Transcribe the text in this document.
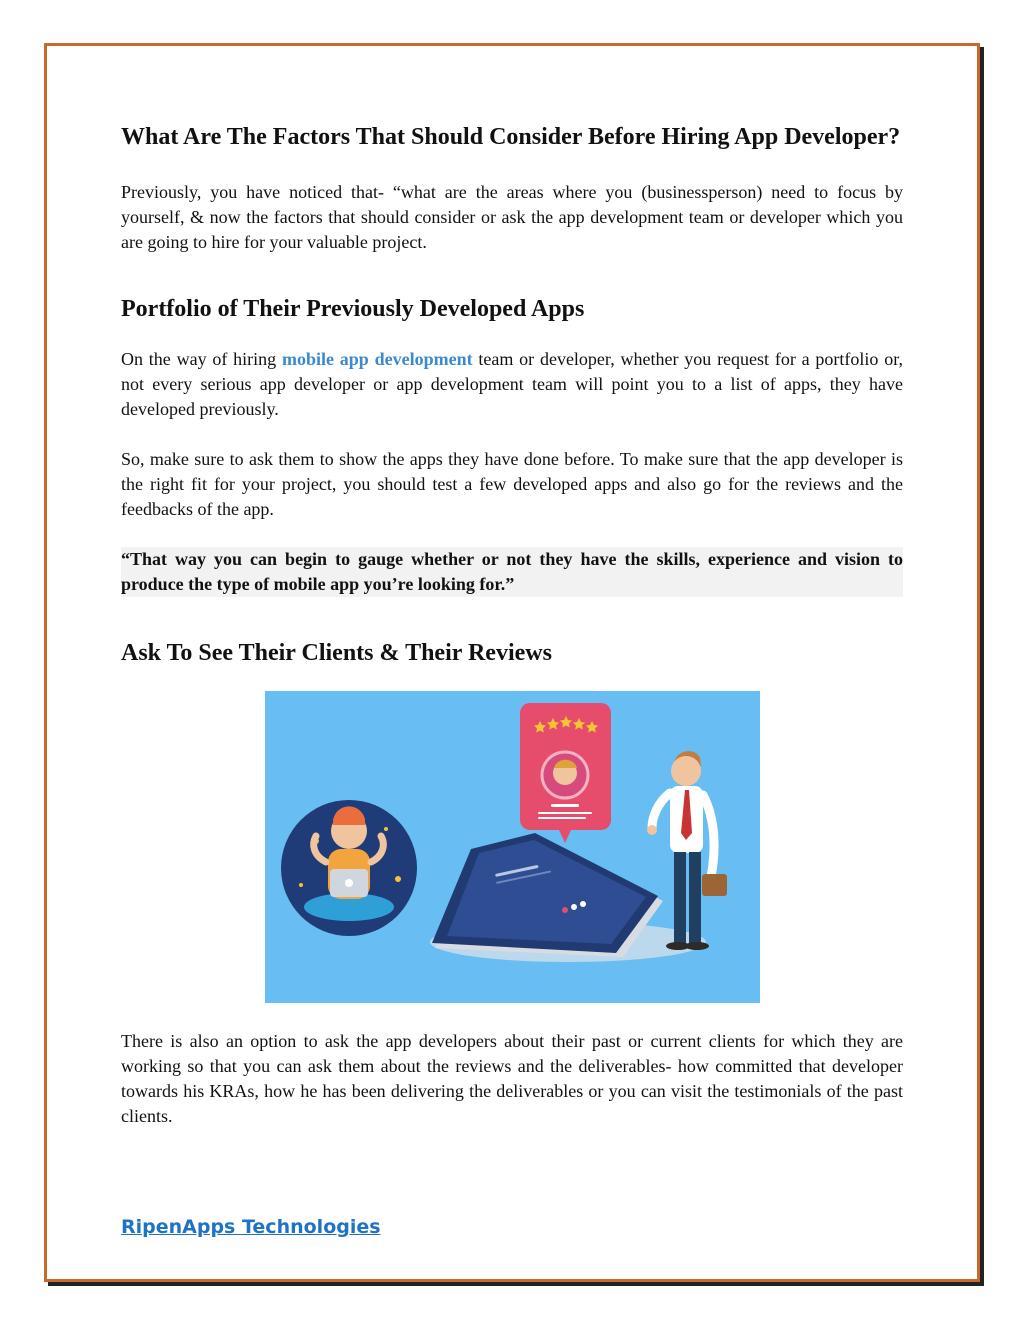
What Are The Factors That Should Consider Before Hiring App Developer?

Previously, you have noticed that- “what are the areas where you (businessperson) need to focus by yourself, & now the factors that should consider or ask the app development team or developer which you are going to hire for your valuable project.

Portfolio of Their Previously Developed Apps

On the way of hiring mobile app development team or developer, whether you request for a portfolio or, not every serious app developer or app development team will point you to a list of apps, they have developed previously.

So, make sure to ask them to show the apps they have done before. To make sure that the app developer is the right fit for your project, you should test a few developed apps and also go for the reviews and the feedbacks of the app.

“That way you can begin to gauge whether or not they have the skills, experience and vision to produce the type of mobile app you’re looking for.”

Ask To See Their Clients & Their Reviews

There is also an option to ask the app developers about their past or current clients for which they are working so that you can ask them about the reviews and the deliverables- how committed that developer towards his KRAs, how he has been delivering the deliverables or you can visit the testimonials of the past clients.

RipenApps Technologies
